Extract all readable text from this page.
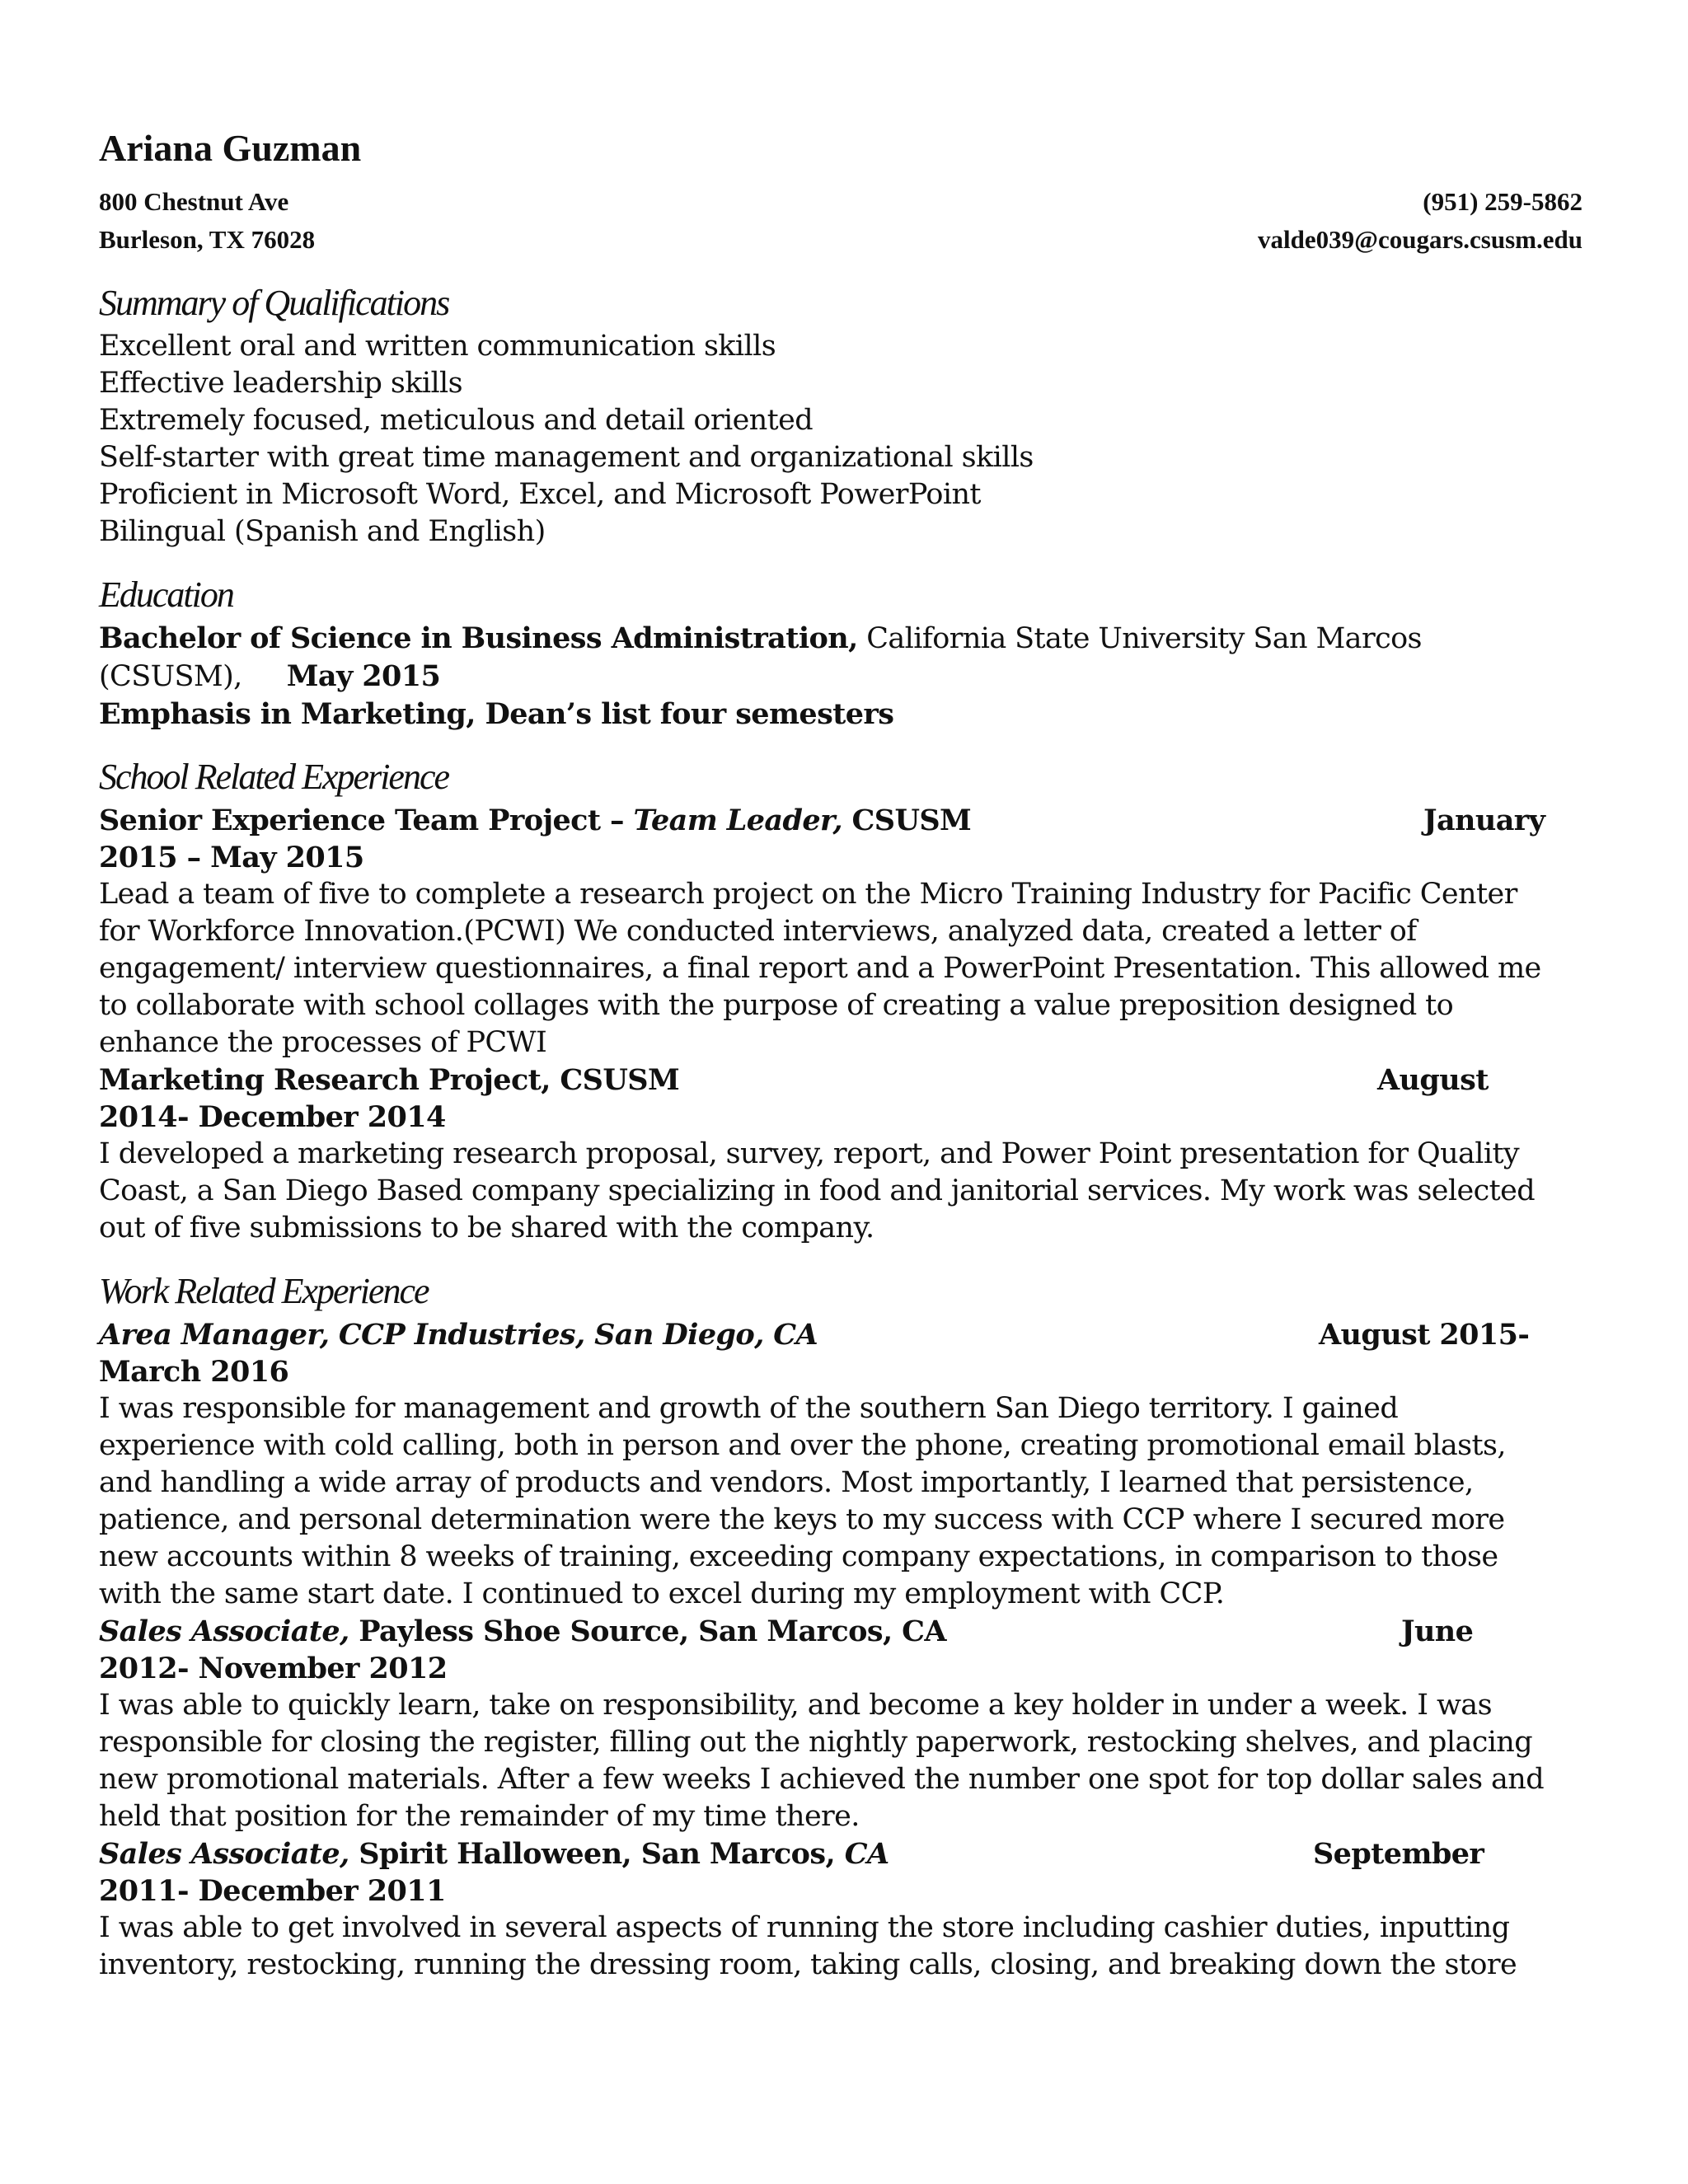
Ariana Guzman
800 Chestnut Ave	(951) 259-5862
Burleson, TX 76028	valde039@cougars.csusm.edu
Summary of Qualifications
Excellent oral and written communication skills
Effective leadership skills
Extremely focused, meticulous and detail oriented
Self-starter with great time management and organizational skills
Proficient in Microsoft Word, Excel, and Microsoft PowerPoint
Bilingual (Spanish and English)
Education
Bachelor of Science in Business Administration, California State University San Marcos
(CSUSM), May 2015
Emphasis in Marketing, Dean’s list four semesters
School Related Experience
Senior Experience Team Project – Team Leader, CSUSM	January
2015 – May 2015
Lead a team of five to complete a research project on the Micro Training Industry for Pacific Center
for Workforce Innovation.(PCWI) We conducted interviews, analyzed data, created a letter of
engagement/ interview questionnaires, a final report and a PowerPoint Presentation. This allowed me
to collaborate with school collages with the purpose of creating a value preposition designed to
enhance the processes of PCWI
Marketing Research Project, CSUSM	August
2014- December 2014
I developed a marketing research proposal, survey, report, and Power Point presentation for Quality
Coast, a San Diego Based company specializing in food and janitorial services. My work was selected
out of five submissions to be shared with the company.
Work Related Experience
Area Manager, CCP Industries, San Diego, CA	August 2015-
March 2016
I was responsible for management and growth of the southern San Diego territory. I gained
experience with cold calling, both in person and over the phone, creating promotional email blasts,
and handling a wide array of products and vendors. Most importantly, I learned that persistence,
patience, and personal determination were the keys to my success with CCP where I secured more
new accounts within 8 weeks of training, exceeding company expectations, in comparison to those
with the same start date. I continued to excel during my employment with CCP.
Sales Associate, Payless Shoe Source, San Marcos, CA	June
2012- November 2012
I was able to quickly learn, take on responsibility, and become a key holder in under a week. I was
responsible for closing the register, filling out the nightly paperwork, restocking shelves, and placing
new promotional materials. After a few weeks I achieved the number one spot for top dollar sales and
held that position for the remainder of my time there.
Sales Associate, Spirit Halloween, San Marcos, CA	September
2011- December 2011
I was able to get involved in several aspects of running the store including cashier duties, inputting
inventory, restocking, running the dressing room, taking calls, closing, and breaking down the store
